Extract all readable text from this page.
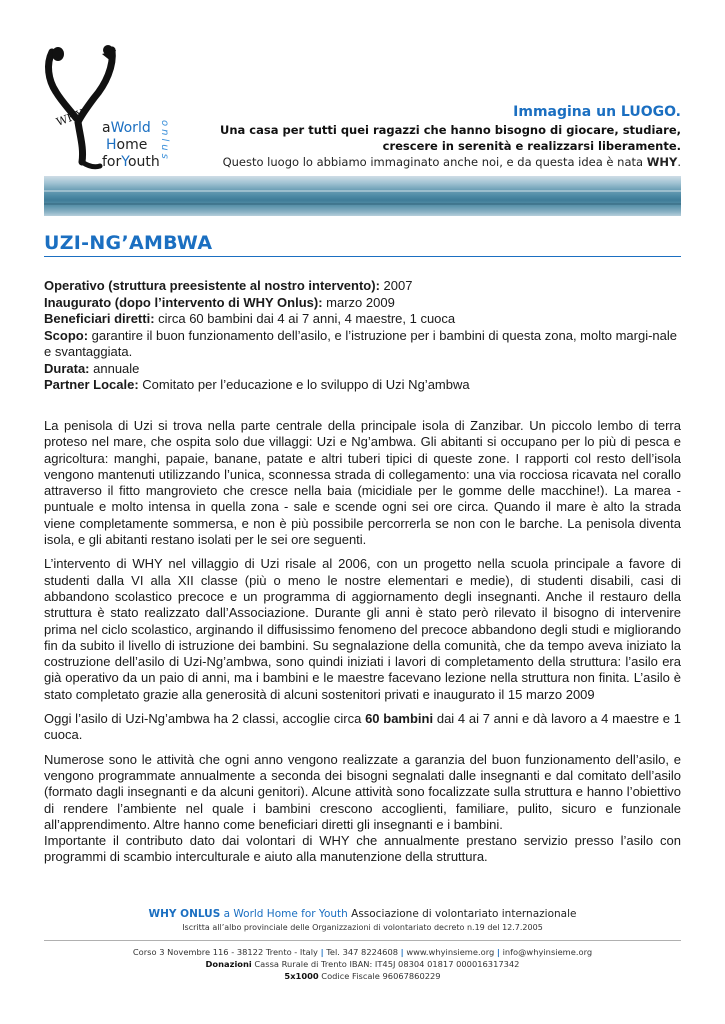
WHY aWorld
Home
forYouth
onlus
Immagina un LUOGO.
Una casa per tutti quei ragazzi che hanno bisogno di giocare, studiare,
crescere in serenità e realizzarsi liberamente.
Questo luogo lo abbiamo immaginato anche noi, e da questa idea è nata WHY.
UZI-NG’AMBWA
Operativo (struttura preesistente al nostro intervento): 2007
Inaugurato (dopo l’intervento di WHY Onlus): marzo 2009
Beneficiari diretti: circa 60 bambini dai 4 ai 7 anni, 4 maestre, 1 cuoca
Scopo: garantire il buon funzionamento dell’asilo, e l’istruzione per i bambini di questa zona, molto margi-nale e svantaggiata.
Durata: annuale
Partner Locale: Comitato per l’educazione e lo sviluppo di Uzi Ng’ambwa

La penisola di Uzi si trova nella parte centrale della principale isola di Zanzibar. Un piccolo lembo di terra proteso nel mare, che ospita solo due villaggi: Uzi e Ng’ambwa. Gli abitanti si occupano per lo più di pesca e agricoltura: manghi, papaie, banane, patate e altri tuberi tipici di queste zone. I rapporti col resto dell’isola vengono mantenuti utilizzando l’unica, sconnessa strada di collegamento: una via rocciosa ricavata nel corallo attraverso il fitto mangrovieto che cresce nella baia (micidiale per le gomme delle macchine!). La marea - puntuale e molto intensa in quella zona - sale e scende ogni sei ore circa. Quando il mare è alto la strada viene completamente sommersa, e non è più possibile percorrerla se non con le barche. La penisola diventa isola, e gli abitanti restano isolati per le sei ore seguenti.

L’intervento di WHY nel villaggio di Uzi risale al 2006, con un progetto nella scuola principale a favore di studenti dalla VI alla XII classe (più o meno le nostre elementari e medie), di studenti disabili, casi di abbandono scolastico precoce e un programma di aggiornamento degli insegnanti. Anche il restauro della struttura è stato realizzato dall’Associazione. Durante gli anni è stato però rilevato il bisogno di intervenire prima nel ciclo scolastico, arginando il diffusissimo fenomeno del precoce abbandono degli studi e migliorando fin da subito il livello di istruzione dei bambini. Su segnalazione della comunità, che da tempo aveva iniziato la costruzione dell’asilo di Uzi-Ng’ambwa, sono quindi iniziati i lavori di completamento della struttura: l’asilo era già operativo da un paio di anni, ma i bambini e le maestre facevano lezione nella struttura non finita. L’asilo è stato completato grazie alla generosità di alcuni sostenitori privati e inaugurato il 15 marzo 2009

Oggi l’asilo di Uzi-Ng’ambwa ha 2 classi, accoglie circa 60 bambini dai 4 ai 7 anni e dà lavoro a 4 maestre e 1 cuoca.

Numerose sono le attività che ogni anno vengono realizzate a garanzia del buon funzionamento dell’asilo, e vengono programmate annualmente a seconda dei bisogni segnalati dalle insegnanti e dal comitato dell’asilo (formato dagli insegnanti e da alcuni genitori). Alcune attività sono focalizzate sulla struttura e hanno l’obiettivo di rendere l’ambiente nel quale i bambini crescono accoglienti, familiare, pulito, sicuro e funzionale all’apprendimento. Altre hanno come beneficiari diretti gli insegnanti e i bambini.

Importante il contributo dato dai volontari di WHY che annualmente prestano servizio presso l’asilo con programmi di scambio interculturale e aiuto alla manutenzione della struttura.

WHY ONLUS a World Home for Youth Associazione di volontariato internazionale
Iscritta all’albo provinciale delle Organizzazioni di volontariato decreto n.19 del 12.7.2005
Corso 3 Novembre 116 - 38122 Trento - Italy | Tel. 347 8224608 | www.whyinsieme.org | info@whyinsieme.org
Donazioni Cassa Rurale di Trento IBAN: IT45J 08304 01817 000016317342
5x1000 Codice Fiscale 96067860229
